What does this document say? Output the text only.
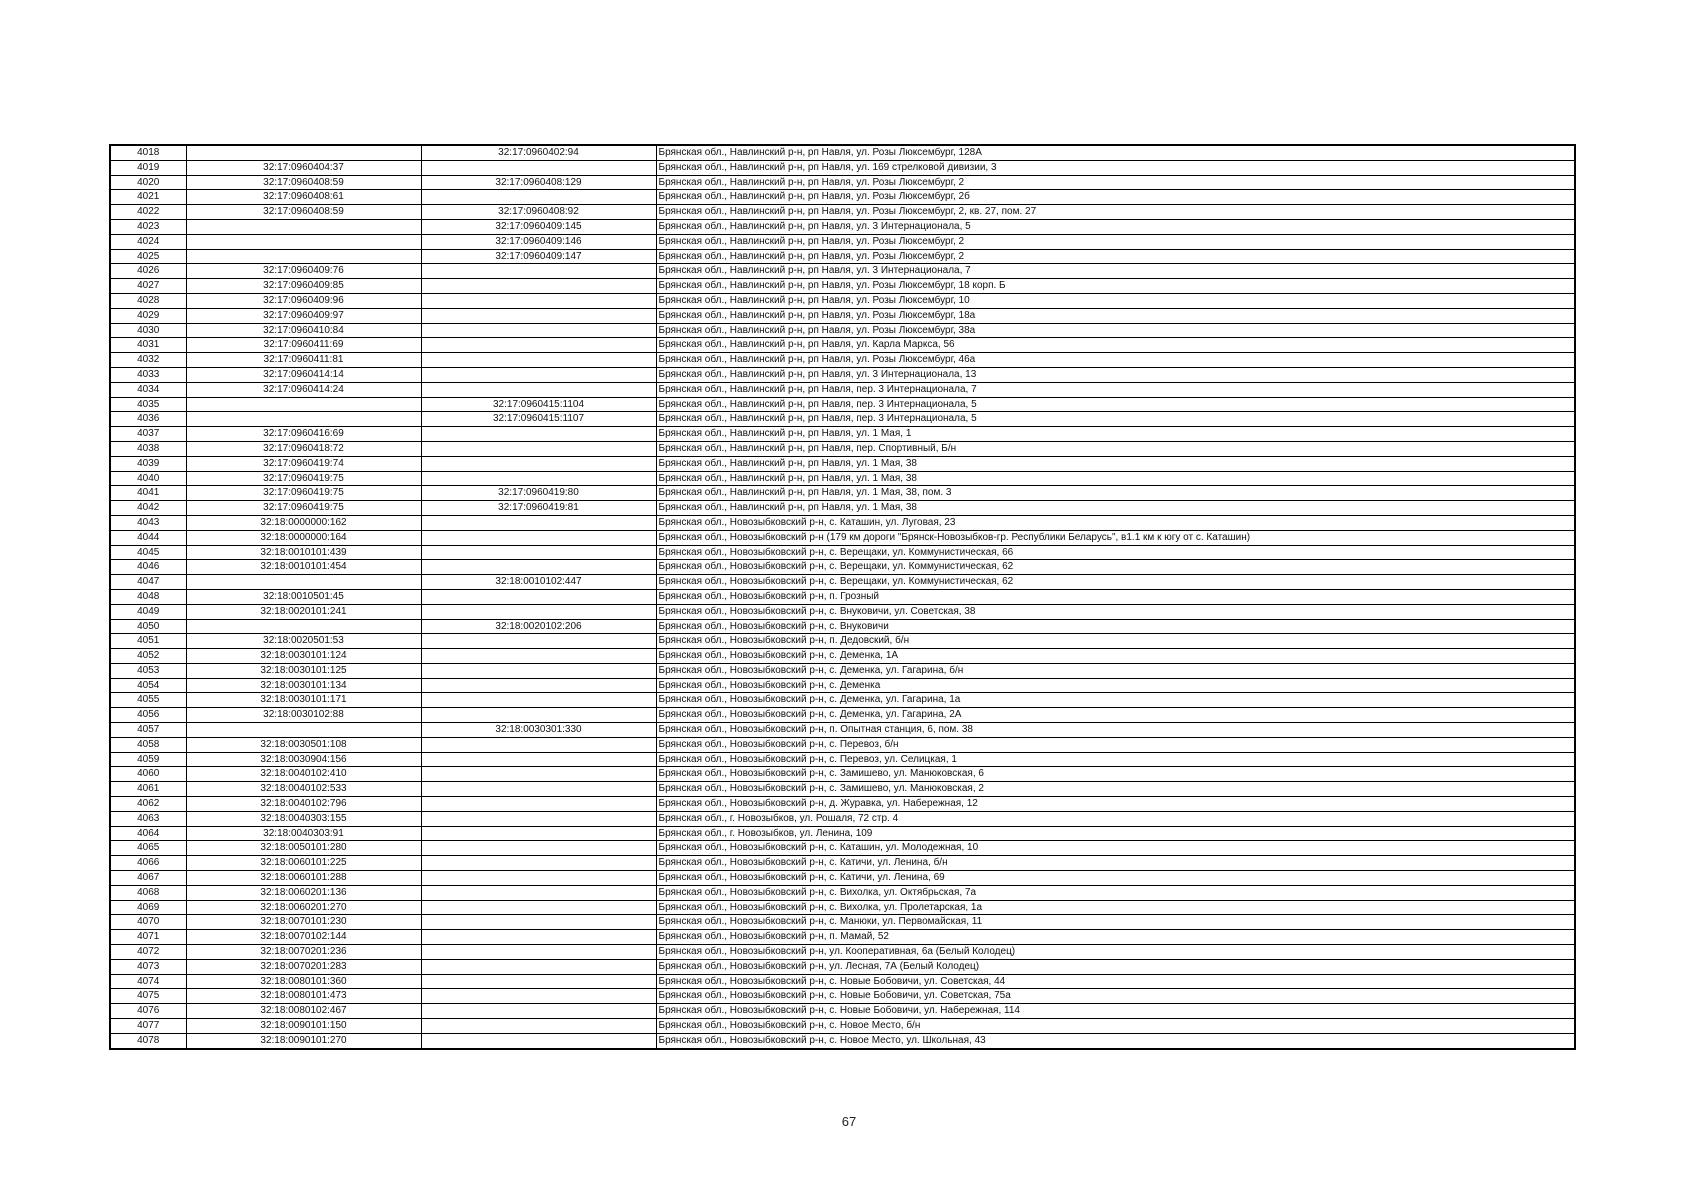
4018		32:17:0960402:94	Брянская обл., Навлинский р-н, рп Навля, ул. Розы Люксембург, 128А
4019	32:17:0960404:37		Брянская обл., Навлинский р-н, рп Навля, ул. 169 стрелковой дивизии, 3
4020	32:17:0960408:59	32:17:0960408:129	Брянская обл., Навлинский р-н, рп Навля, ул. Розы Люксембург, 2
4021	32:17:0960408:61		Брянская обл., Навлинский р-н, рп Навля, ул. Розы Люксембург, 2б
4022	32:17:0960408:59	32:17:0960408:92	Брянская обл., Навлинский р-н, рп Навля, ул. Розы Люксембург, 2, кв. 27, пом. 27
4023		32:17:0960409:145	Брянская обл., Навлинский р-н, рп Навля, ул. 3 Интернационала, 5
4024		32:17:0960409:146	Брянская обл., Навлинский р-н, рп Навля, ул. Розы Люксембург, 2
4025		32:17:0960409:147	Брянская обл., Навлинский р-н, рп Навля, ул. Розы Люксембург, 2
4026	32:17:0960409:76		Брянская обл., Навлинский р-н, рп Навля, ул. 3 Интернационала, 7
4027	32:17:0960409:85		Брянская обл., Навлинский р-н, рп Навля, ул. Розы Люксембург, 18 корп. Б
4028	32:17:0960409:96		Брянская обл., Навлинский р-н, рп Навля, ул. Розы Люксембург, 10
4029	32:17:0960409:97		Брянская обл., Навлинский р-н, рп Навля, ул. Розы Люксембург, 18а
4030	32:17:0960410:84		Брянская обл., Навлинский р-н, рп Навля, ул. Розы Люксембург, 38а
4031	32:17:0960411:69		Брянская обл., Навлинский р-н, рп Навля, ул. Карла Маркса, 56
4032	32:17:0960411:81		Брянская обл., Навлинский р-н, рп Навля, ул. Розы Люксембург, 46а
4033	32:17:0960414:14		Брянская обл., Навлинский р-н, рп Навля, ул. 3 Интернационала, 13
4034	32:17:0960414:24		Брянская обл., Навлинский р-н, рп Навля, пер. 3 Интернационала, 7
4035		32:17:0960415:1104	Брянская обл., Навлинский р-н, рп Навля, пер. 3 Интернационала, 5
4036		32:17:0960415:1107	Брянская обл., Навлинский р-н, рп Навля, пер. 3 Интернационала, 5
4037	32:17:0960416:69		Брянская обл., Навлинский р-н, рп Навля, ул. 1 Мая, 1
4038	32:17:0960418:72		Брянская обл., Навлинский р-н, рп Навля, пер. Спортивный, Б/н
4039	32:17:0960419:74		Брянская обл., Навлинский р-н, рп Навля, ул. 1 Мая, 38
4040	32:17:0960419:75		Брянская обл., Навлинский р-н, рп Навля, ул. 1 Мая, 38
4041	32:17:0960419:75	32:17:0960419:80	Брянская обл., Навлинский р-н, рп Навля, ул. 1 Мая, 38, пом. 3
4042	32:17:0960419:75	32:17:0960419:81	Брянская обл., Навлинский р-н, рп Навля, ул. 1 Мая, 38
4043	32:18:0000000:162		Брянская обл., Новозыбковский р-н, с. Каташин, ул. Луговая, 23
4044	32:18:0000000:164		Брянская обл., Новозыбковский р-н (179 км дороги "Брянск-Новозыбков-гр. Республики Беларусь", в1.1 км к югу от с. Каташин)
4045	32:18:0010101:439		Брянская обл., Новозыбковский р-н, с. Верещаки, ул. Коммунистическая, 66
4046	32:18:0010101:454		Брянская обл., Новозыбковский р-н, с. Верещаки, ул. Коммунистическая, 62
4047		32:18:0010102:447	Брянская обл., Новозыбковский р-н, с. Верещаки, ул. Коммунистическая, 62
4048	32:18:0010501:45		Брянская обл., Новозыбковский р-н, п. Грозный
4049	32:18:0020101:241		Брянская обл., Новозыбковский р-н, с. Внуковичи, ул. Советская, 38
4050		32:18:0020102:206	Брянская обл., Новозыбковский р-н, с. Внуковичи
4051	32:18:0020501:53		Брянская обл., Новозыбковский р-н, п. Дедовский, б/н
4052	32:18:0030101:124		Брянская обл., Новозыбковский р-н, с. Деменка, 1А
4053	32:18:0030101:125		Брянская обл., Новозыбковский р-н, с. Деменка, ул. Гагарина, б/н
4054	32:18:0030101:134		Брянская обл., Новозыбковский р-н, с. Деменка
4055	32:18:0030101:171		Брянская обл., Новозыбковский р-н, с. Деменка, ул. Гагарина, 1а
4056	32:18:0030102:88		Брянская обл., Новозыбковский р-н, с. Деменка, ул. Гагарина, 2А
4057		32:18:0030301:330	Брянская обл., Новозыбковский р-н, п. Опытная станция, 6, пом. 38
4058	32:18:0030501:108		Брянская обл., Новозыбковский р-н, с. Перевоз, б/н
4059	32:18:0030904:156		Брянская обл., Новозыбковский р-н, с. Перевоз, ул. Селицкая, 1
4060	32:18:0040102:410		Брянская обл., Новозыбковский р-н, с. Замишево, ул. Манюковская, 6
4061	32:18:0040102:533		Брянская обл., Новозыбковский р-н, с. Замишево, ул. Манюковская, 2
4062	32:18:0040102:796		Брянская обл., Новозыбковский р-н, д. Журавка, ул. Набережная, 12
4063	32:18:0040303:155		Брянская обл., г. Новозыбков, ул. Рошаля, 72 стр. 4
4064	32:18:0040303:91		Брянская обл., г. Новозыбков, ул. Ленина, 109
4065	32:18:0050101:280		Брянская обл., Новозыбковский р-н, с. Каташин, ул. Молодежная, 10
4066	32:18:0060101:225		Брянская обл., Новозыбковский р-н, с. Катичи, ул. Ленина, б/н
4067	32:18:0060101:288		Брянская обл., Новозыбковский р-н, с. Катичи, ул. Ленина, 69
4068	32:18:0060201:136		Брянская обл., Новозыбковский р-н, с. Вихолка, ул. Октябрьская, 7а
4069	32:18:0060201:270		Брянская обл., Новозыбковский р-н, с. Вихолка, ул. Пролетарская, 1а
4070	32:18:0070101:230		Брянская обл., Новозыбковский р-н, с. Манюки, ул. Первомайская, 11
4071	32:18:0070102:144		Брянская обл., Новозыбковский р-н, п. Мамай, 52
4072	32:18:0070201:236		Брянская обл., Новозыбковский р-н, ул. Кооперативная, 6а (Белый Колодец)
4073	32:18:0070201:283		Брянская обл., Новозыбковский р-н, ул. Лесная, 7А (Белый Колодец)
4074	32:18:0080101:360		Брянская обл., Новозыбковский р-н, с. Новые Бобовичи, ул. Советская, 44
4075	32:18:0080101:473		Брянская обл., Новозыбковский р-н, с. Новые Бобовичи, ул. Советская, 75а
4076	32:18:0080102:467		Брянская обл., Новозыбковский р-н, с. Новые Бобовичи, ул. Набережная, 114
4077	32:18:0090101:150		Брянская обл., Новозыбковский р-н, с. Новое Место, б/н
4078	32:18:0090101:270		Брянская обл., Новозыбковский р-н, с. Новое Место, ул. Школьная, 43
67
